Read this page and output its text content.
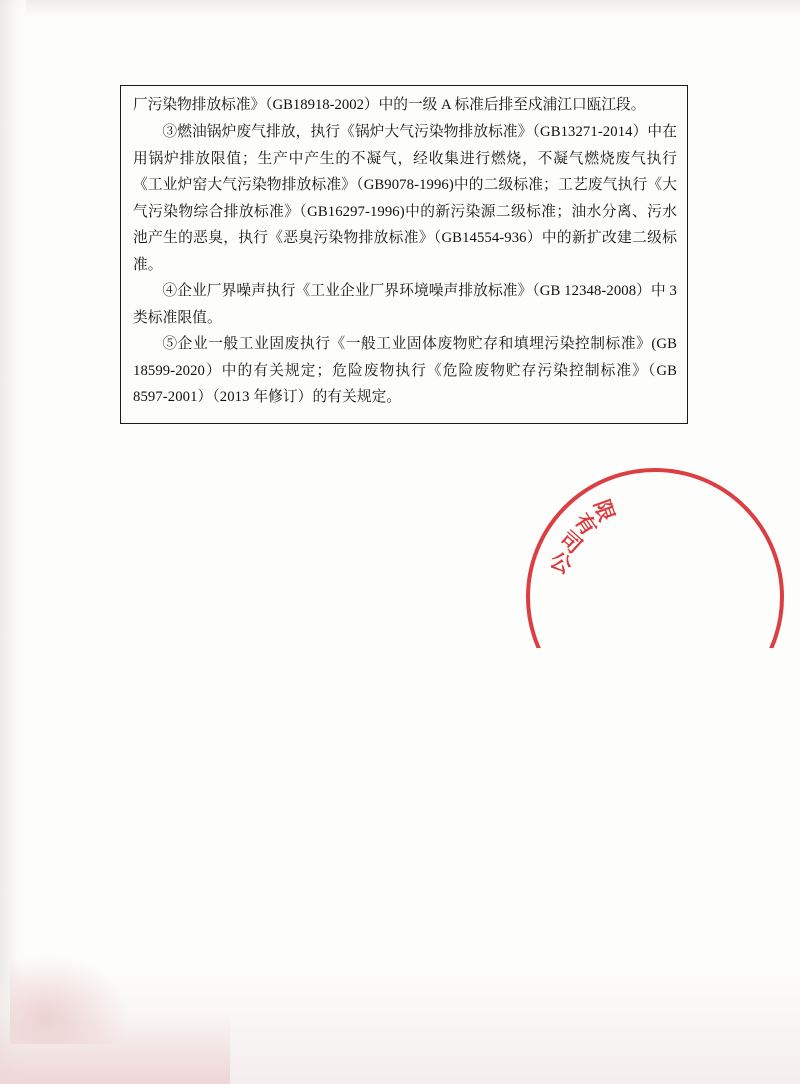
厂污染物排放标准》（GB18918-2002）中的一级 A 标准后排至戍浦江口瓯江段。

③燃油锅炉废气排放，执行《锅炉大气污染物排放标准》（GB13271-2014）中在用锅炉排放限值；生产中产生的不凝气，经收集进行燃烧，不凝气燃烧废气执行《工业炉窑大气污染物排放标准》（GB9078-1996)中的二级标准；工艺废气执行《大气污染物综合排放标准》（GB16297-1996)中的新污染源二级标准；油水分离、污水池产生的恶臭，执行《恶臭污染物排放标准》（GB14554-936）中的新扩改建二级标准。

④企业厂界噪声执行《工业企业厂界环境噪声排放标准》（GB 12348-2008）中 3 类标准限值。

⑤企业一般工业固废执行《一般工业固体废物贮存和填埋污染控制标准》(GB 18599-2020）中的有关规定；危险废物执行《危险废物贮存污染控制标准》（GB 8597-2001）（2013 年修订）的有关规定。

公
司
有
限
